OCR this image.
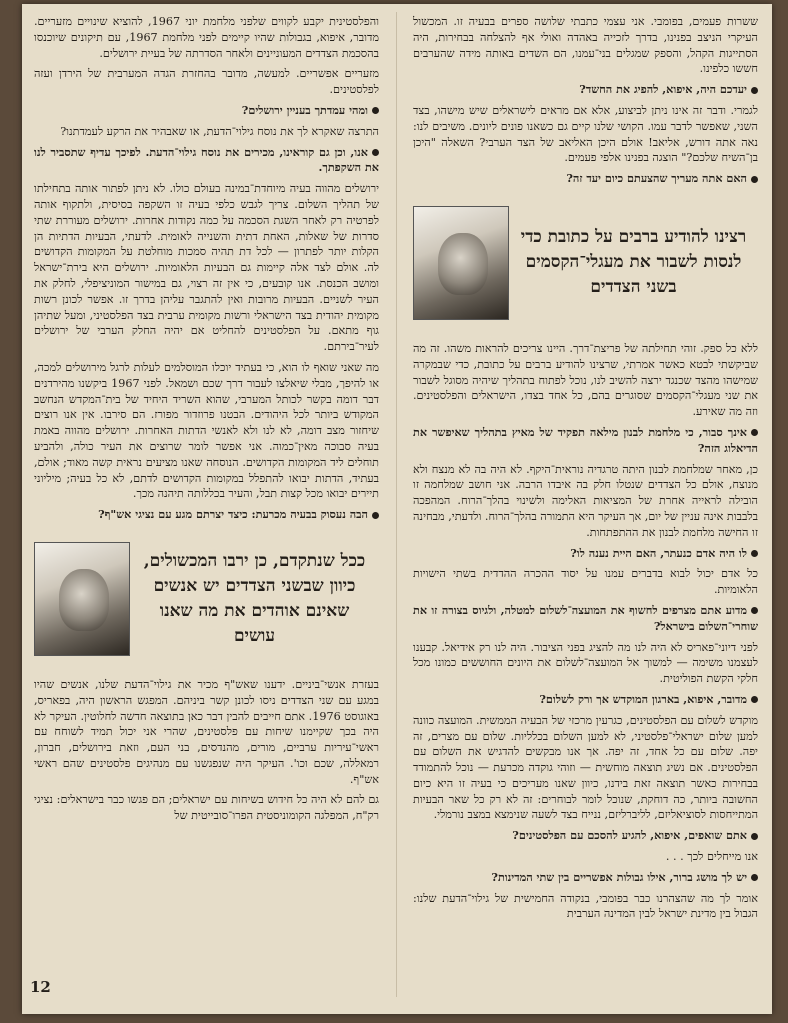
ששרות פעמים, בפומבי. אני עצמי כתבתי שלושה ספרים בבעיה זו. המכשול העיקרי הניצב בפנינו, בדרך לזכייה באהדה ואולי אף להצלחה בבחירות, היה הסתייגות הקהל, והספק שמגלים בני־עמנו, הם השדים באותה מידה שהערבים חששו כלפינו.

יעדכם היה, איפוא, להפיג את החשד?

לגמרי. ודבר זה אינו ניתן לביצוע, אלא אם מראים לישראלים שיש מישהו, בצד השני, שאפשר לדבר עמו. הקושי שלנו קיים גם כשאנו פונים ליונים. משיבים לנו: נאה אתה דורש, אליאב! אולם היכן האליאב של הצד הערבי? השאלה "היכן בן־השיח שלכם?" הוצגה בפנינו אלפי פעמים.

האם אתה מעריך שהצעתם כיום יעד זה?

רצינו להודיע ברבים על כתובת כדי לנסות לשבור את מעגלי־הקסמים בשני הצדדים

ללא כל ספק. זוהי תחילתה של פריצת־דרך. היינו צריכים להראות משהו. זה מה שביקשתי לבטא כאשר אמרתי, שרצינו להודיע ברבים על כתובת, כדי שבמקרה שמישהו מהצד שכנגד ירצה להשיב לנו, נוכל לפתוח בתהליך שיהיה מסוגל לשבור את שני מעגלי־הקסמים שסוגרים בהם, כל אחד בצדו, הישראלים והפלסטינים. וזה מה שאירע.

אינך סבור, כי מלחמת לבנון מילאה תפקיד של מאיץ בתהליך שאיפשר את הדיאלוג הזה?

כן, מאחר שמלחמת לבנון היתה טרגדיה נוראית־היקף. לא היה בה לא מנצח ולא מנוצח, אולם כל הצדדים שנטלו חלק בה איבדו הרבה. אני חושב שמלחמה זו הובילה לראייה אחרת של המציאות האלימה ולשינוי בהלך־הרוח. המהפכה בלבבות אינה עניין של יום, אך העיקר היא התמורה בהלך־הרוח. ולדעתי, מבחינה זו החישה מלחמת לבנון את ההתפתחות.

לו היה אדם כנעתר, האם היית נענה לו?

כל אדם יכול לבוא בדברים עמנו על יסוד ההכרה ההדדית בשתי הישויות הלאומיות.

מדוע אתם מצרפים לחשוף את המועצה־לשלום למטלה, ולגיוס בצורה זו את שוחרי־השלום בישראל?

לפני דיוני־פאריס לא היה לנו מה להציג בפני הציבור. היה לנו רק אידיאל. קבענו לעצמנו משימה — למשוך אל המועצה־לשלום את היונים החוששים כמונו מכל חלקי הקשת הפוליטית.

מדובר, איפוא, בארגון המוקדש אך ורק לשלום?

מוקדש לשלום עם הפלסטינים, כגרעין מרכזי של הבעיה הממשית. המועצה כוונה למען שלום ישראלי־פלסטיני, לא למען השלום בכלליות. שלום עם מצרים, זה יפה. שלום עם כל אחד, זה יפה. אך אנו מבקשים להדגיש את השלום עם הפלסטינים. אם נשיג תוצאה מוחשית — וזוהי גוקדה מכרעת — נוכל להתמודד בבחירות כאשר תוצאה זאת בידנו, כיוון שאנו מעריכים כי בעיה זו היא כיום החשובה ביותר, כה דוחקת, שנוכל לומר לבוחרים: זה לא רק כל שאר הבעיות המתייחסות לסוציאליזם, לליברליזם, ננייח בצד לשעה שנימצא במצב נורמלי.

אתם שואפים, איפוא, להגיע להסכם עם הפלסטינים?

אנו מייחלים לכך . . .

יש לך מושג ברור, אילו גבולות אפשריים בין שתי המדינות?

אומר לך מה שהצהרנו כבר בפומבי, בנקודה החמישית של גילוי־הדעת שלנו: הגבול בין מדינת ישראל לבין המדינה הערבית

והפלסטינית יקבע לקווים שלפני מלחמת יוני 1967, להוציא שינויים מזעריים. מדובר, איפוא, בגבולות שהיו קיימים לפני מלחמת 1967, עם תיקונים שיוכנסו בהסכמת הצדדים המעוניינים ולאחר הסדרתה של בעיית ירושלים.

מזעריים אפשריים. למעשה, מדובר בהחזרת הגדה המערבית של הירדן ועזה לפלסטינים.

ומהי עמדתך בעניין ירושלים?

התרצה שאקרא לך את נוסח גילוי־הדעת, או שאבהיר את הרקע לעמדתנו?

אנו, וכן גם קוראינו, מכירים את נוסח גילוי־הדעת. לפיכך עדיף שתסביר לנו את השקפתך.

ירושלים מהווה בעיה מיוחדת־במינה בעולם כולו. לא ניתן לפתור אותה בתחילתו של תהליך השלום. צריך לגבש כלפי בעיה זו השקפה בסיסית, ולתקוף אותה לפרטיה רק לאחר השגת הסכמה על כמה נקודות אחרות. ירושלים מעוררת שתי סדרות של שאלות, האחת דתית והשנייה לאומית. לדעתי, הבעיות הדתיות הן הקלות יותר לפתרון — לכל דת תהיה סמכות מוחלטת על המקומות הקדושים לה. אולם לצד אלה קיימות גם הבעיות הלאומיות. ירושלים היא בירת־ישראל ומושב הכנסת. אנו קובעים, כי אין זה רצוי, גם במישור המוניציפלי, לחלק את העיר לשניים. הבעיות מרובות ואין להתגבר עליהן בדרך זו. אפשר לכונן רשות מקומית יהודית בצד הישראלי ורשות מקומית ערבית בצד הפלסטיני, ומעל שתיהן גוף מתאם. על הפלסטינים להחליט אם יהיה החלק הערבי של ירושלים לעיר־בירתם.

מה שאני שואף לו הוא, כי בעתיד יוכלו המוסלמים לעלות לרגל מירושלים למכה, או להיפך, מבלי שיאלצו לעבור דרך שכם ושמאל. לפני 1967 ביקשנו מהירדנים דבר דומה בקשר לכותל המערבי, שהוא השריד היחיד של בית־המקדש הנחשב המקודש ביותר לכל היהודים. הבטנו פרוזדור מפורז. הם סירבו. אין אנו רוצים שיחזור מצב דומה, לא לנו ולא לאנשי הדתות האחרות. ירושלים מהווה באמת בעיה סבוכה מאין־כמוה. אני אפשר לומר שרוצים את העיר כולה, ולהביע תוחלים ליד המקומות הקדושים. הנוסחה שאנו מציעים נראית קשה מאוד; אולם, בעתיד, הדתות יבואו להתפלל במקומות הקדושים לדתם, לא כל בעיה; מיליוני תיירים יבואו מכל קצות תבל, והעיר בכללותה תיהנה מכך.

הבה נעסוק בבעיה מכרעת: כיצד יצרתם מגע עם נציגי אש"ף?

ככל שנתקדם, כן ירבו המכשולים, כיוון שבשני הצדדים יש אנשים שאינם אוהדים את מה שאנו עושים

בעזרת אנשי־ביניים. ידענו שאש"ף מכיר את גילוי־הדעת שלנו, אנשים שהיו במגע עם שני הצדדים ניסו לכונן קשר ביניהם. המפגש הראשון היה, בפאריס, באוגוסט 1976. אתם חייבים להבין דבר כאן בתוצאה חדשה לחלוטין. העיקר לא היה בכך שקיימנו שיחות עם פלסטינים, שהרי אני יכול תמיד לשוחח עם ראשי־עיריות ערביים, מורים, מהנדסים, בני העם, וזאת בירושלים, חברון, רמאללה, שכם וכו'. העיקר היה שנפגשנו עם מנהיגים פלסטינים שהם ראשי אש"ף.

גם להם לא היה כל חידוש בשיחות עם ישראלים; הם פגשו כבר בישראלים: נציגי רק"ח, המפלגה הקומוניסטית הפרו־סובייטית של

12
